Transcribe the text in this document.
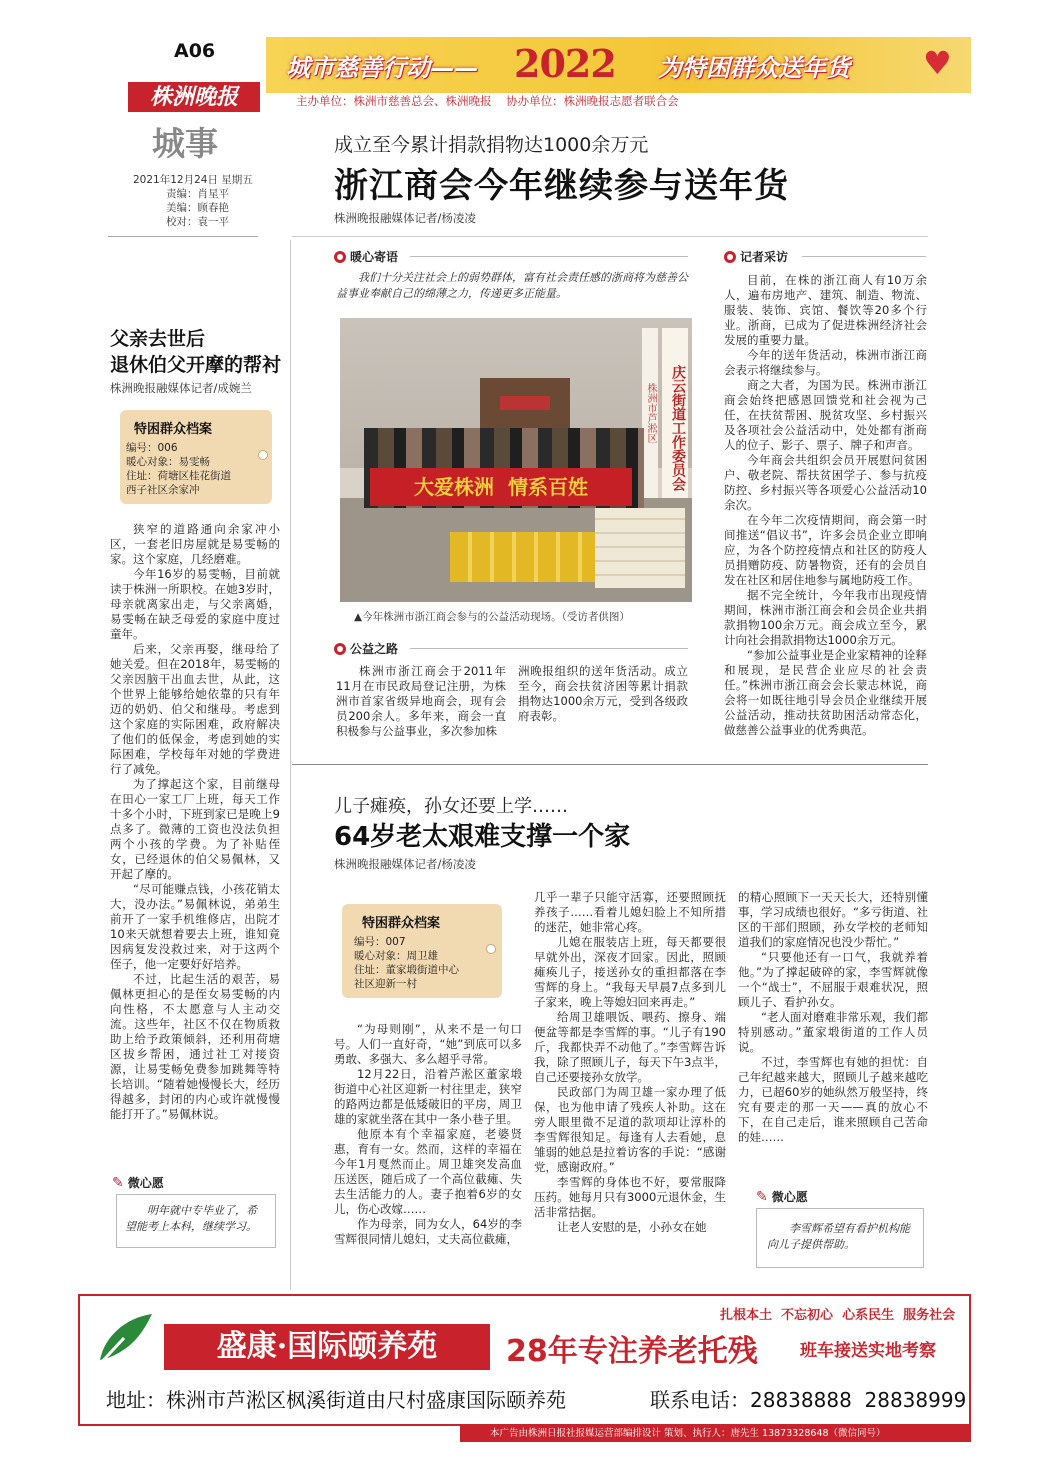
A06
城市慈善行动—— 2022 为特困群众送年货 ♥
株洲晚报	主办单位：株洲市慈善总会、株洲晚报    协办单位：株洲晚报志愿者联合会
城事
2021年12月24日 星期五
责编：肖星平
美编：顾春艳
校对：袁一平
成立至今累计捐款捐物达1000余万元
浙江商会今年继续参与送年货
株洲晚报融媒体记者/杨凌凌
暖心寄语
我们十分关注社会上的弱势群体，富有社会责任感的浙商将为慈善公益事业奉献自己的绵薄之力，传递更多正能量。
株洲市芦淞区	庆云街道工作委员会
大爱株洲  情系百姓
▲今年株洲市浙江商会参与的公益活动现场。（受访者供图）
公益之路

株洲市浙江商会于2011年11月在市民政局登记注册，为株洲市首家省级异地商会，现有会员200余人。多年来，商会一直积极参与公益事业，多次参加株

洲晚报组织的送年货活动。成立至今，商会扶贫济困等累计捐款捐物达1000余万元，受到各级政府表彰。
记者采访

目前，在株的浙江商人有10万余人，遍布房地产、建筑、制造、物流、服装、装饰、宾馆、餐饮等20多个行业。浙商，已成为了促进株洲经济社会发展的重要力量。

今年的送年货活动，株洲市浙江商会表示将继续参与。

商之大者，为国为民。株洲市浙江商会始终把感恩回馈党和社会视为己任，在扶贫帮困、脱贫攻坚、乡村振兴及各项社会公益活动中，处处都有浙商人的位子、影子、票子、牌子和声音。

今年商会共组织会员开展慰问贫困户、敬老院、帮扶贫困学子、参与抗疫防控、乡村振兴等各项爱心公益活动10余次。

在今年二次疫情期间，商会第一时间推送“倡议书”，许多会员企业立即响应，为各个防控疫情点和社区的防疫人员捐赠防疫、防暑物资，还有的会员自发在社区和居住地参与属地防疫工作。

据不完全统计，今年我市出现疫情期间，株洲市浙江商会和会员企业共捐款捐物100余万元。商会成立至今，累计向社会捐款捐物达1000余万元。

“参加公益事业是企业家精神的诠释和展现，是民营企业应尽的社会责任。”株洲市浙江商会会长蒙志林说，商会将一如既往地引导会员企业继续开展公益活动，推动扶贫助困活动常态化，做慈善公益事业的优秀典范。

父亲去世后
退休伯父开摩的帮衬
株洲晚报融媒体记者/成婉兰
特困群众档案
编号：006
暖心对象：易雯畅
住址：荷塘区桂花街道
西子社区余家冲

狭窄的道路通向余家冲小区，一套老旧房屋就是易雯畅的家。这个家庭，几经磨难。

今年16岁的易雯畅，目前就读于株洲一所职校。在她3岁时，母亲就离家出走，与父亲离婚，易雯畅在缺乏母爱的家庭中度过童年。

后来，父亲再娶，继母给了她关爱。但在2018年，易雯畅的父亲因脑干出血去世，从此，这个世界上能够给她依靠的只有年迈的奶奶、伯父和继母。考虑到这个家庭的实际困难，政府解决了他们的低保金，考虑到她的实际困难，学校每年对她的学费进行了减免。

为了撑起这个家，目前继母在田心一家工厂上班，每天工作十多个小时，下班到家已是晚上9点多了。微薄的工资也没法负担两个小孩的学费。为了补贴侄女，已经退休的伯父易佩林，又开起了摩的。

“尽可能赚点钱，小孩花销太大，没办法。”易佩林说，弟弟生前开了一家手机维修店，出院才10来天就想着要去上班，谁知竟因病复发没救过来，对于这两个侄子，他一定要好好培养。

不过，比起生活的艰苦，易佩林更担心的是侄女易雯畅的内向性格，不太愿意与人主动交流。这些年，社区不仅在物质救助上给予政策倾斜，还利用荷塘区拔乡帮困，通过社工对接资源，让易雯畅免费参加跳舞等特长培训。“随着她慢慢长大，经历得越多，封闭的内心或许就慢慢能打开了。”易佩林说。

✎ 微心愿
明年就中专毕业了，希望能考上本科，继续学习。
儿子瘫痪，孙女还要上学……
64岁老太艰难支撑一个家
株洲晚报融媒体记者/杨凌凌
特困群众档案
编号：007
暖心对象：周卫雄
住址：董家塅街道中心
社区迎新一村

“为母则刚”，从来不是一句口号。人们一直好奇，“她”到底可以多勇敢、多强大、多么超乎寻常。

12月22日，沿着芦淞区董家塅街道中心社区迎新一村往里走，狭窄的路两边都是低矮破旧的平房，周卫雄的家就坐落在其中一条小巷子里。

他原本有个幸福家庭，老婆贤惠，育有一女。然而，这样的幸福在今年1月戛然而止。周卫雄突发高血压送医，随后成了一个高位截瘫、失去生活能力的人。妻子抱着6岁的女儿，伤心改嫁……

作为母亲，同为女人，64岁的李雪辉很同情儿媳妇，丈夫高位截瘫，

几乎一辈子只能守活寡，还要照顾抚养孩子……看着儿媳妇脸上不知所措的迷茫，她非常心疼。

儿媳在服装店上班，每天都要很早就外出，深夜才回家。因此，照顾瘫痪儿子，接送孙女的重担都落在李雪辉的身上。“我每天早晨7点多到儿子家来，晚上等媳妇回来再走。”

给周卫雄喂饭、喂药、擦身、端便盆等都是李雪辉的事。“儿子有190斤，我都快弄不动他了。”李雪辉告诉我，除了照顾儿子，每天下午3点半，自己还要接孙女放学。

民政部门为周卫雄一家办理了低保，也为他申请了残疾人补助。这在旁人眼里微不足道的款项却让淳朴的李雪辉很知足。每逢有人去看她，息雏弱的她总是拉着访客的手说：“感谢党，感谢政府。”

李雪辉的身体也不好，要常服降压药。她每月只有3000元退休金，生活非常拮据。

让老人安慰的是，小孙女在她

的精心照顾下一天天长大，还特别懂事，学习成绩也很好。“多亏街道、社区的干部们照顾，孙女学校的老师知道我们的家庭情况也没少帮忙。”

“只要他还有一口气，我就养着他。”为了撑起破碎的家，李雪辉就像一个“战士”，不屈服于艰难状况，照顾儿子、看护孙女。

“老人面对磨难非常乐观，我们都特别感动。”董家塅街道的工作人员说。

不过，李雪辉也有她的担忧：自己年纪越来越大，照顾儿子越来越吃力，已超60岁的她纵然万般坚持，终究有要走的那一天——真的放心不下，在自己走后，谁来照顾自己苦命的娃……

✎ 微心愿
李雪辉希望有看护机构能向儿子提供帮助。
扎根本土  不忘初心  心系民生  服务社会
盛康·国际颐养苑	28年专注养老托残 班车接送实地考察
地址：株洲市芦淞区枫溪街道由尺村盛康国际颐养苑	联系电话：28838888  28838999
本广告由株洲日报社报媒运营部编排设计 策划、执行人：唐先生 13873328648（微信同号）
